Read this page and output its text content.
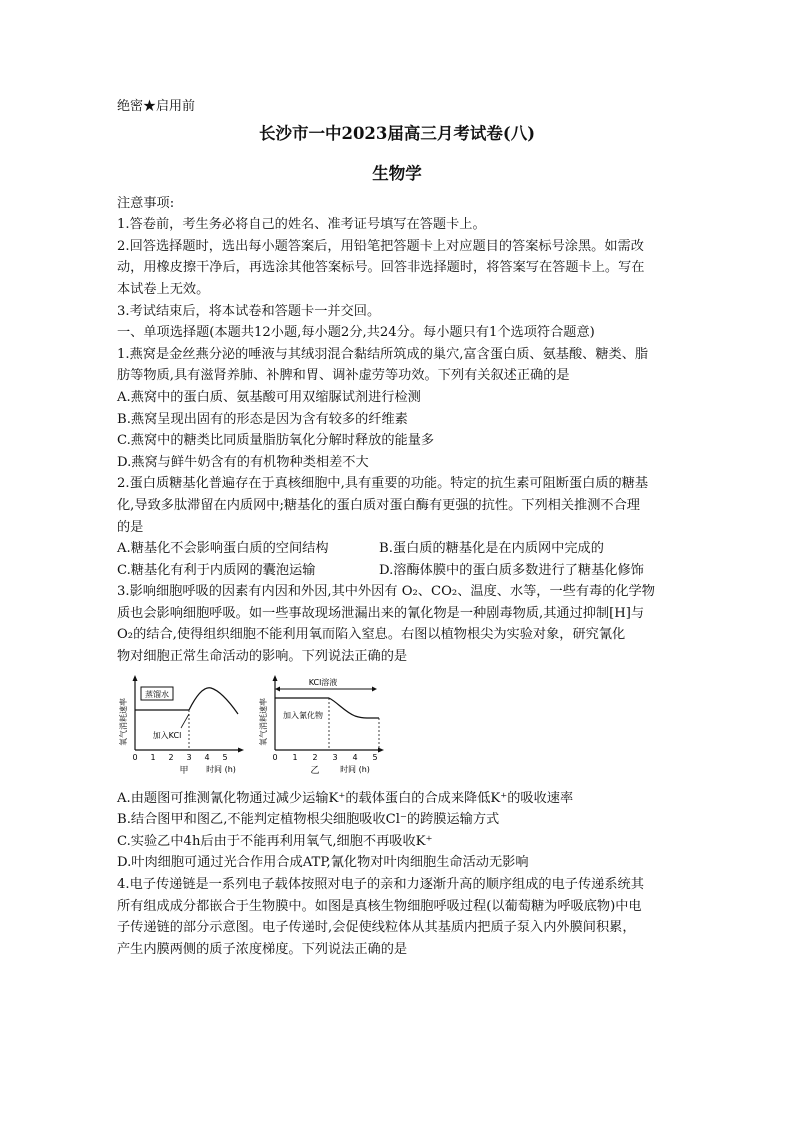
绝密★启用前
长沙市一中2023届高三月考试卷(八)
生物学
注意事项:
1.答卷前，考生务必将自己的姓名、准考证号填写在答题卡上。
2.回答选择题时，选出每小题答案后，用铅笔把答题卡上对应题目的答案标号涂黑。如需改
动，用橡皮擦干净后，再选涂其他答案标号。回答非选择题时，将答案写在答题卡上。写在
本试卷上无效。
3.考试结束后，将本试卷和答题卡一并交回。
一、单项选择题(本题共12小题,每小题2分,共24分。每小题只有1个选项符合题意)
1.燕窝是金丝燕分泌的唾液与其绒羽混合黏结所筑成的巢穴,富含蛋白质、氨基酸、糖类、脂
肪等物质,具有滋肾养肺、补脾和胃、调补虚劳等功效。下列有关叙述正确的是
A.燕窝中的蛋白质、氨基酸可用双缩脲试剂进行检测
B.燕窝呈现出固有的形态是因为含有较多的纤维素
C.燕窝中的糖类比同质量脂肪氧化分解时释放的能量多
D.燕窝与鲜牛奶含有的有机物种类相差不大
2.蛋白质糖基化普遍存在于真核细胞中,具有重要的功能。特定的抗生素可阻断蛋白质的糖基
化,导致多肽滞留在内质网中;糖基化的蛋白质对蛋白酶有更强的抗性。下列相关推测不合理
的是
A.糖基化不会影响蛋白质的空间结构	B.蛋白质的糖基化是在内质网中完成的
C.糖基化有利于内质网的囊泡运输	D.溶酶体膜中的蛋白质多数进行了糖基化修饰
3.影响细胞呼吸的因素有内因和外因,其中外因有 O₂、CO₂、温度、水等，一些有毒的化学物
质也会影响细胞呼吸。如一些事故现场泄漏出来的氰化物是一种剧毒物质,其通过抑制[H]与
O₂的结合,使得组织细胞不能利用氧而陷入窒息。右图以植物根尖为实验对象，研究氰化
物对细胞正常生命活动的影响。下列说法正确的是
氧气消耗速率
蒸馏水
加入KCl
0 1 2 3 4 5
甲 时间 (h)
氧气消耗速率
KCl溶液
加入氰化物
0 1 2 3 4 5
乙	时间 (h)
A.由题图可推测氰化物通过减少运输K⁺的载体蛋白的合成来降低K⁺的吸收速率
B.结合图甲和图乙,不能判定植物根尖细胞吸收Cl⁻的跨膜运输方式
C.实验乙中4h后由于不能再利用氧气,细胞不再吸收K⁺
D.叶肉细胞可通过光合作用合成ATP,氰化物对叶肉细胞生命活动无影响
4.电子传递链是一系列电子载体按照对电子的亲和力逐渐升高的顺序组成的电子传递系统其
所有组成成分都嵌合于生物膜中。如图是真核生物细胞呼吸过程(以葡萄糖为呼吸底物)中电
子传递链的部分示意图。电子传递时,会促使线粒体从其基质内把质子泵入内外膜间积累，
产生内膜两侧的质子浓度梯度。下列说法正确的是
